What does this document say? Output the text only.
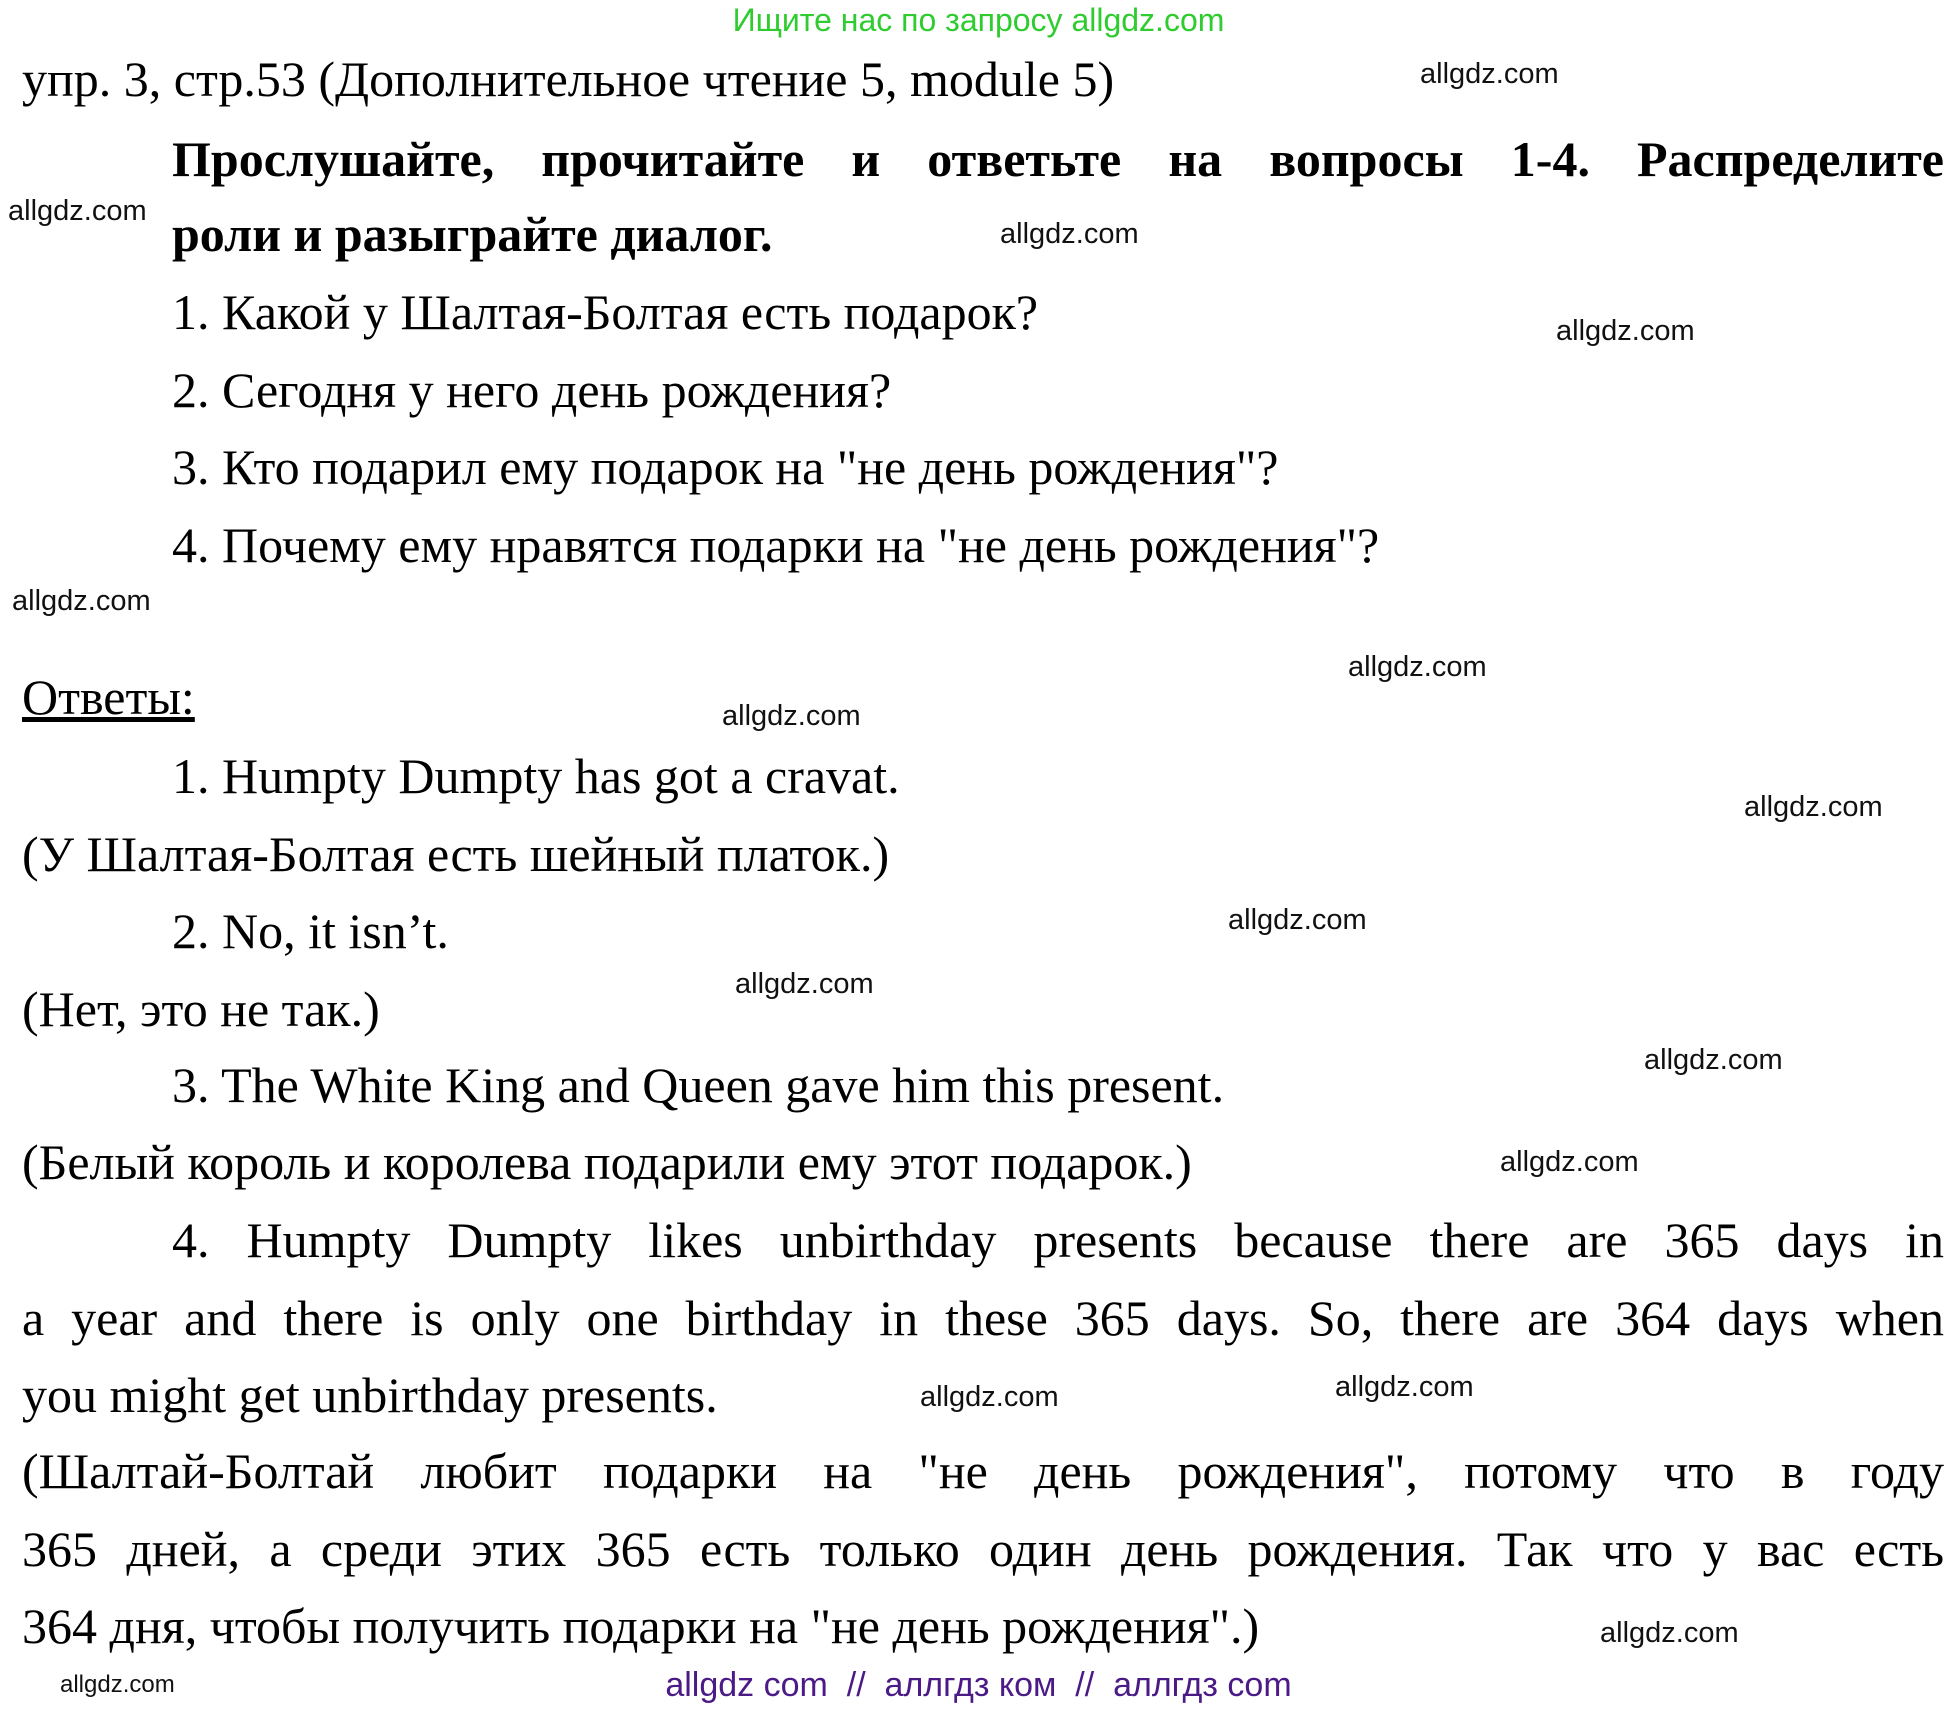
Ищите нас по запросу allgdz.com
упр. 3, стр.53 (Дополнительное чтение 5, module 5)
Прослушайте, прочитайте и ответьте на вопросы 1-4. Распределите
роли и разыграйте диалог.
1. Какой у Шалтая-Болтая есть подарок?
2. Сегодня у него день рождения?
3. Кто подарил ему подарок на "не день рождения"?
4. Почему ему нравятся подарки на "не день рождения"?
Ответы:
1. Humpty Dumpty has got a cravat.
(У Шалтая-Болтая есть шейный платок.)
2. No, it isn’t.
(Нет, это не так.)
3. The White King and Queen gave him this present.
(Белый король и королева подарили ему этот подарок.)
4. Humpty Dumpty likes unbirthday presents because there are 365 days in
a year and there is only one birthday in these 365 days. So, there are 364 days when
you might get unbirthday presents.
(Шалтай-Болтай любит подарки на "не день рождения", потому что в году
365 дней, а среди этих 365 есть только один день рождения. Так что у вас есть
364 дня, чтобы получить подарки на "не день рождения".)
allgdz.com
allgdz.com
allgdz.com
allgdz.com
allgdz.com
allgdz.com
allgdz.com
allgdz.com
allgdz.com
allgdz.com
allgdz.com
allgdz.com
allgdz.com
allgdz.com
allgdz.com
allgdz.com
allgdz com  //  аллгдз ком  //  аллгдз com
